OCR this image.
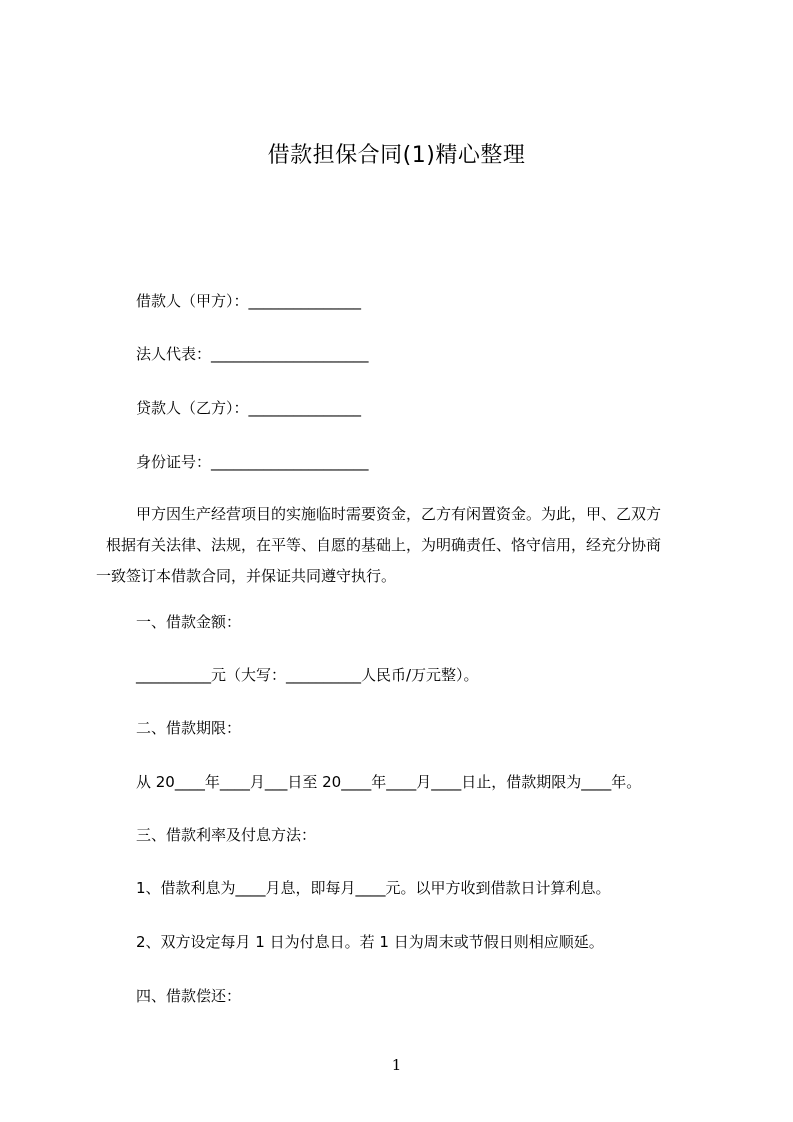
借款担保合同(1)精心整理
借款人（甲方）：_______________
法人代表：_____________________
贷款人（乙方）：_______________
身份证号：_____________________
甲方因生产经营项目的实施临时需要资金，乙方有闲置资金。为此，甲、乙双方
根据有关法律、法规，在平等、自愿的基础上，为明确责任、恪守信用，经充分协商
一致签订本借款合同，并保证共同遵守执行。
一、借款金额：
__________元（大写：__________人民币/万元整）。
二、借款期限：
从 20____年____月___日至 20____年____月____日止，借款期限为____年。
三、借款利率及付息方法：
1、借款利息为____月息，即每月____元。以甲方收到借款日计算利息。
2、双方设定每月 1 日为付息日。若 1 日为周末或节假日则相应顺延。
四、借款偿还：
1
